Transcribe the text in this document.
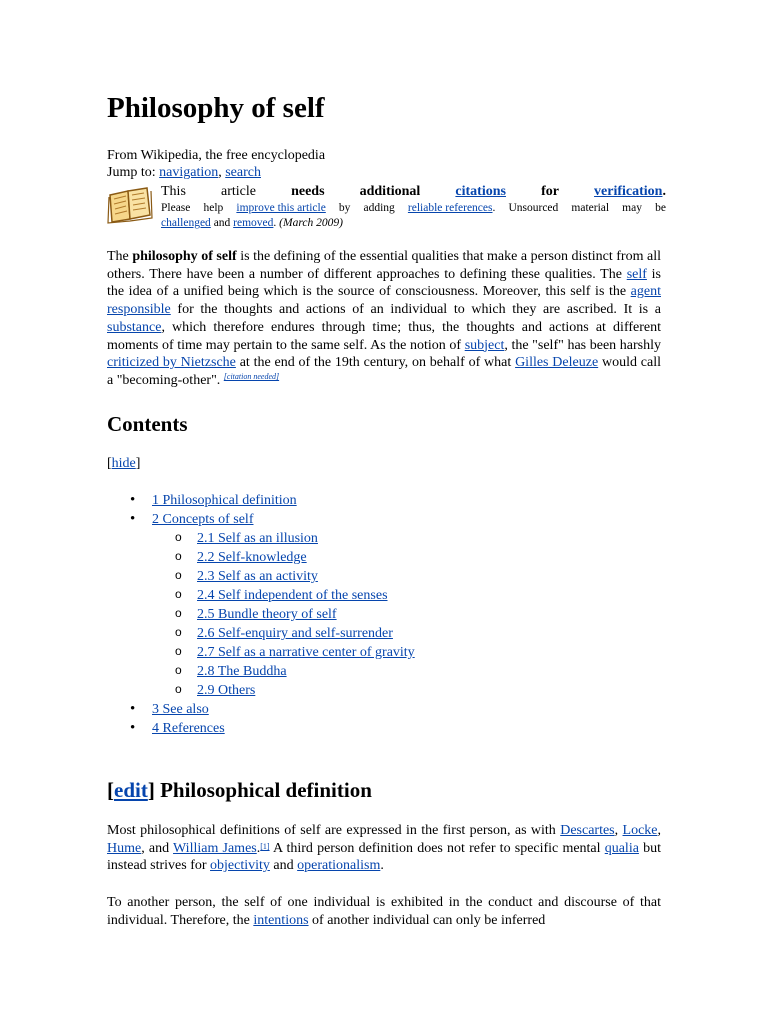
Philosophy of self
From Wikipedia, the free encyclopedia
Jump to: navigation, search
This	article	needs	additional	citations	for	verification.
Please help improve this article by adding reliable references. Unsourced material may be
challenged and removed. (March 2009)
The philosophy of self is the defining of the essential qualities that make a person distinct from all others. There have been a number of different approaches to defining these qualities. The self is the idea of a unified being which is the source of consciousness. Moreover, this self is the agent responsible for the thoughts and actions of an individual to which they are ascribed. It is a substance, which therefore endures through time; thus, the thoughts and actions at different moments of time may pertain to the same self. As the notion of subject, the "self" has been harshly criticized by Nietzsche at the end of the 19th century, on behalf of what Gilles Deleuze would call a "becoming-other". [citation needed]
Contents
[hide]
• 1 Philosophical definition
• 2 Concepts of self
o 2.1 Self as an illusion
o 2.2 Self-knowledge
o 2.3 Self as an activity
o 2.4 Self independent of the senses
o 2.5 Bundle theory of self
o 2.6 Self-enquiry and self-surrender
o 2.7 Self as a narrative center of gravity
o 2.8 The Buddha
o 2.9 Others
• 3 See also
• 4 References
[edit] Philosophical definition
Most philosophical definitions of self are expressed in the first person, as with Descartes, Locke, Hume, and William James.[1] A third person definition does not refer to specific mental qualia but instead strives for objectivity and operationalism.
To another person, the self of one individual is exhibited in the conduct and discourse of that individual. Therefore, the intentions of another individual can only be inferred
